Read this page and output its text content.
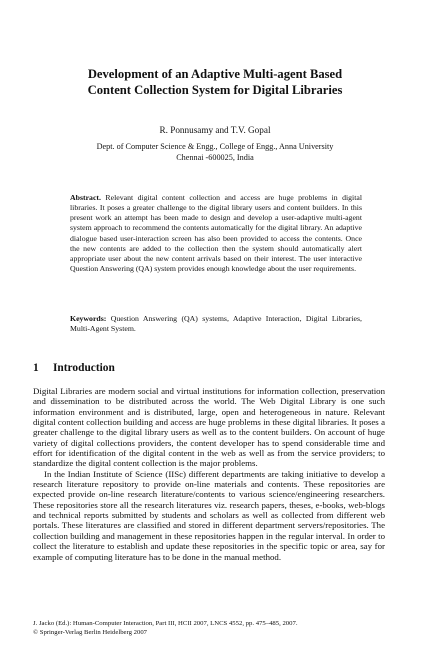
Development of an Adaptive Multi-agent Based
Content Collection System for Digital Libraries
R. Ponnusamy and T.V. Gopal
Dept. of Computer Science & Engg., College of Engg., Anna University
Chennai -600025, India
Abstract. Relevant digital content collection and access are huge problems in digital libraries. It poses a greater challenge to the digital library users and content builders. In this present work an attempt has been made to design and develop a user-adaptive multi-agent system approach to recommend the contents automatically for the digital library. An adaptive dialogue based user-interaction screen has also been provided to access the contents. Once the new contents are added to the collection then the system should automatically alert appropriate user about the new content arrivals based on their interest. The user interactive Question Answering (QA) system provides enough knowledge about the user requirements.
Keywords: Question Answering (QA) systems, Adaptive Interaction, Digital Libraries, Multi-Agent System.
1 Introduction

Digital Libraries are modern social and virtual institutions for information collection, preservation and dissemination to be distributed across the world. The Web Digital Library is one such information environment and is distributed, large, open and heterogeneous in nature. Relevant digital content collection building and access are huge problems in these digital libraries. It poses a greater challenge to the digital library users as well as to the content builders. On account of huge variety of digital collections providers, the content developer has to spend considerable time and effort for identification of the digital content in the web as well as from the service providers; to standardize the digital content collection is the major problems.

In the Indian Institute of Science (IISc) different departments are taking initiative to develop a research literature repository to provide on-line materials and contents. These repositories are expected provide on-line research literature/contents to various science/engineering researchers. These repositories store all the research literatures viz. research papers, theses, e-books, web-blogs and technical reports submitted by students and scholars as well as collected from different web portals. These literatures are classified and stored in different department servers/repositories. The collection building and management in these repositories happen in the regular interval. In order to collect the literature to establish and update these repositories in the specific topic or area, say for example of computing literature has to be done in the manual method.

J. Jacko (Ed.): Human-Computer Interaction, Part III, HCII 2007, LNCS 4552, pp. 475–485, 2007.
© Springer-Verlag Berlin Heidelberg 2007
